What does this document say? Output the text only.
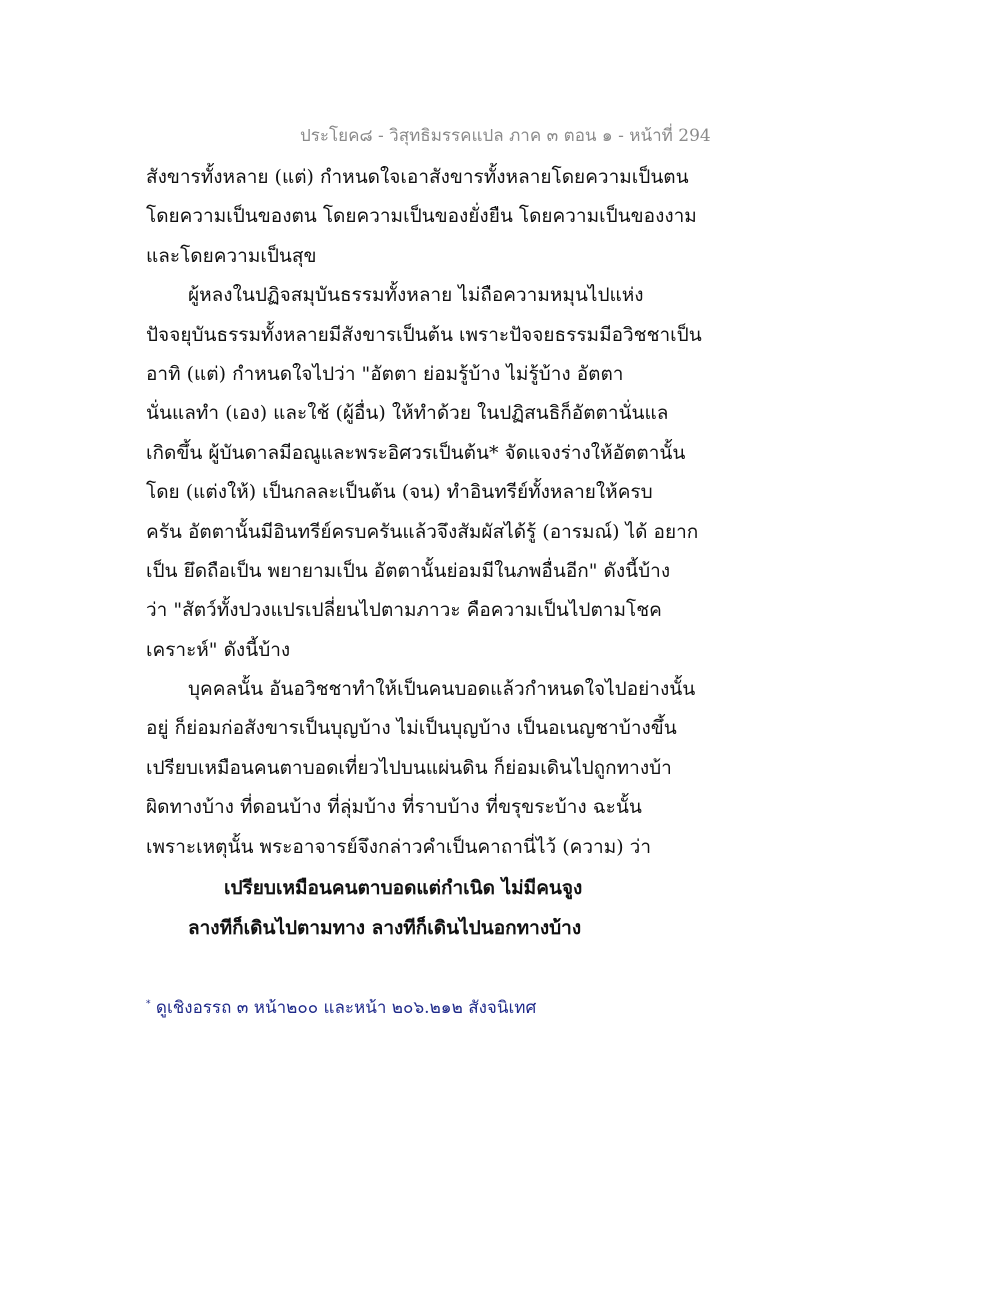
ประโยค๘ - วิสุทธิมรรคแปล ภาค ๓ ตอน ๑ - หน้าที่ 294
สังขารทั้งหลาย (แต่) กำหนดใจเอาสังขารทั้งหลายโดยความเป็นตน
โดยความเป็นของตน โดยความเป็นของยั่งยืน โดยความเป็นของงาม
และโดยความเป็นสุข
ผู้หลงในปฏิจสมุบันธรรมทั้งหลาย ไม่ถือความหมุนไปแห่ง
ปัจจยุบันธรรมทั้งหลายมีสังขารเป็นต้น เพราะปัจจยธรรมมีอวิชชาเป็น
อาทิ (แต่) กำหนดใจไปว่า "อัตตา ย่อมรู้บ้าง ไม่รู้บ้าง อัตตา
นั่นแลทำ (เอง) และใช้ (ผู้อื่น) ให้ทำด้วย ในปฏิสนธิก็อัตตานั่นแล
เกิดขึ้น ผู้บันดาลมีอณูและพระอิศวรเป็นต้น* จัดแจงร่างให้อัตตานั้น
โดย (แต่งให้) เป็นกลละเป็นต้น (จน) ทำอินทรีย์ทั้งหลายให้ครบ
ครัน อัตตานั้นมีอินทรีย์ครบครันแล้วจึงสัมผัสได้รู้ (อารมณ์) ได้ อยาก
เป็น ยึดถือเป็น พยายามเป็น อัตตานั้นย่อมมีในภพอื่นอีก" ดังนี้บ้าง
ว่า "สัตว์ทั้งปวงแปรเปลี่ยนไปตามภาวะ คือความเป็นไปตามโชค
เคราะห์" ดังนี้บ้าง
บุคคลนั้น อันอวิชชาทำให้เป็นคนบอดแล้วกำหนดใจไปอย่างนั้น
อยู่ ก็ย่อมก่อสังขารเป็นบุญบ้าง ไม่เป็นบุญบ้าง เป็นอเนญชาบ้างขึ้น
เปรียบเหมือนคนตาบอดเที่ยวไปบนแผ่นดิน ก็ย่อมเดินไปถูกทางบ้า
ผิดทางบ้าง ที่ดอนบ้าง ที่ลุ่มบ้าง ที่ราบบ้าง ที่ขรุขระบ้าง ฉะนั้น
เพราะเหตุนั้น พระอาจารย์จึงกล่าวคำเป็นคาถานี่ไว้ (ความ) ว่า
เปรียบเหมือนคนตาบอดแต่กำเนิด ไม่มีคนจูง
ลางทีก็เดินไปตามทาง ลางทีก็เดินไปนอกทางบ้าง
* ดูเชิงอรรถ ๓ หน้า๒๐๐ และหน้า ๒๐๖.๒๑๒ สังจนิเทศ
